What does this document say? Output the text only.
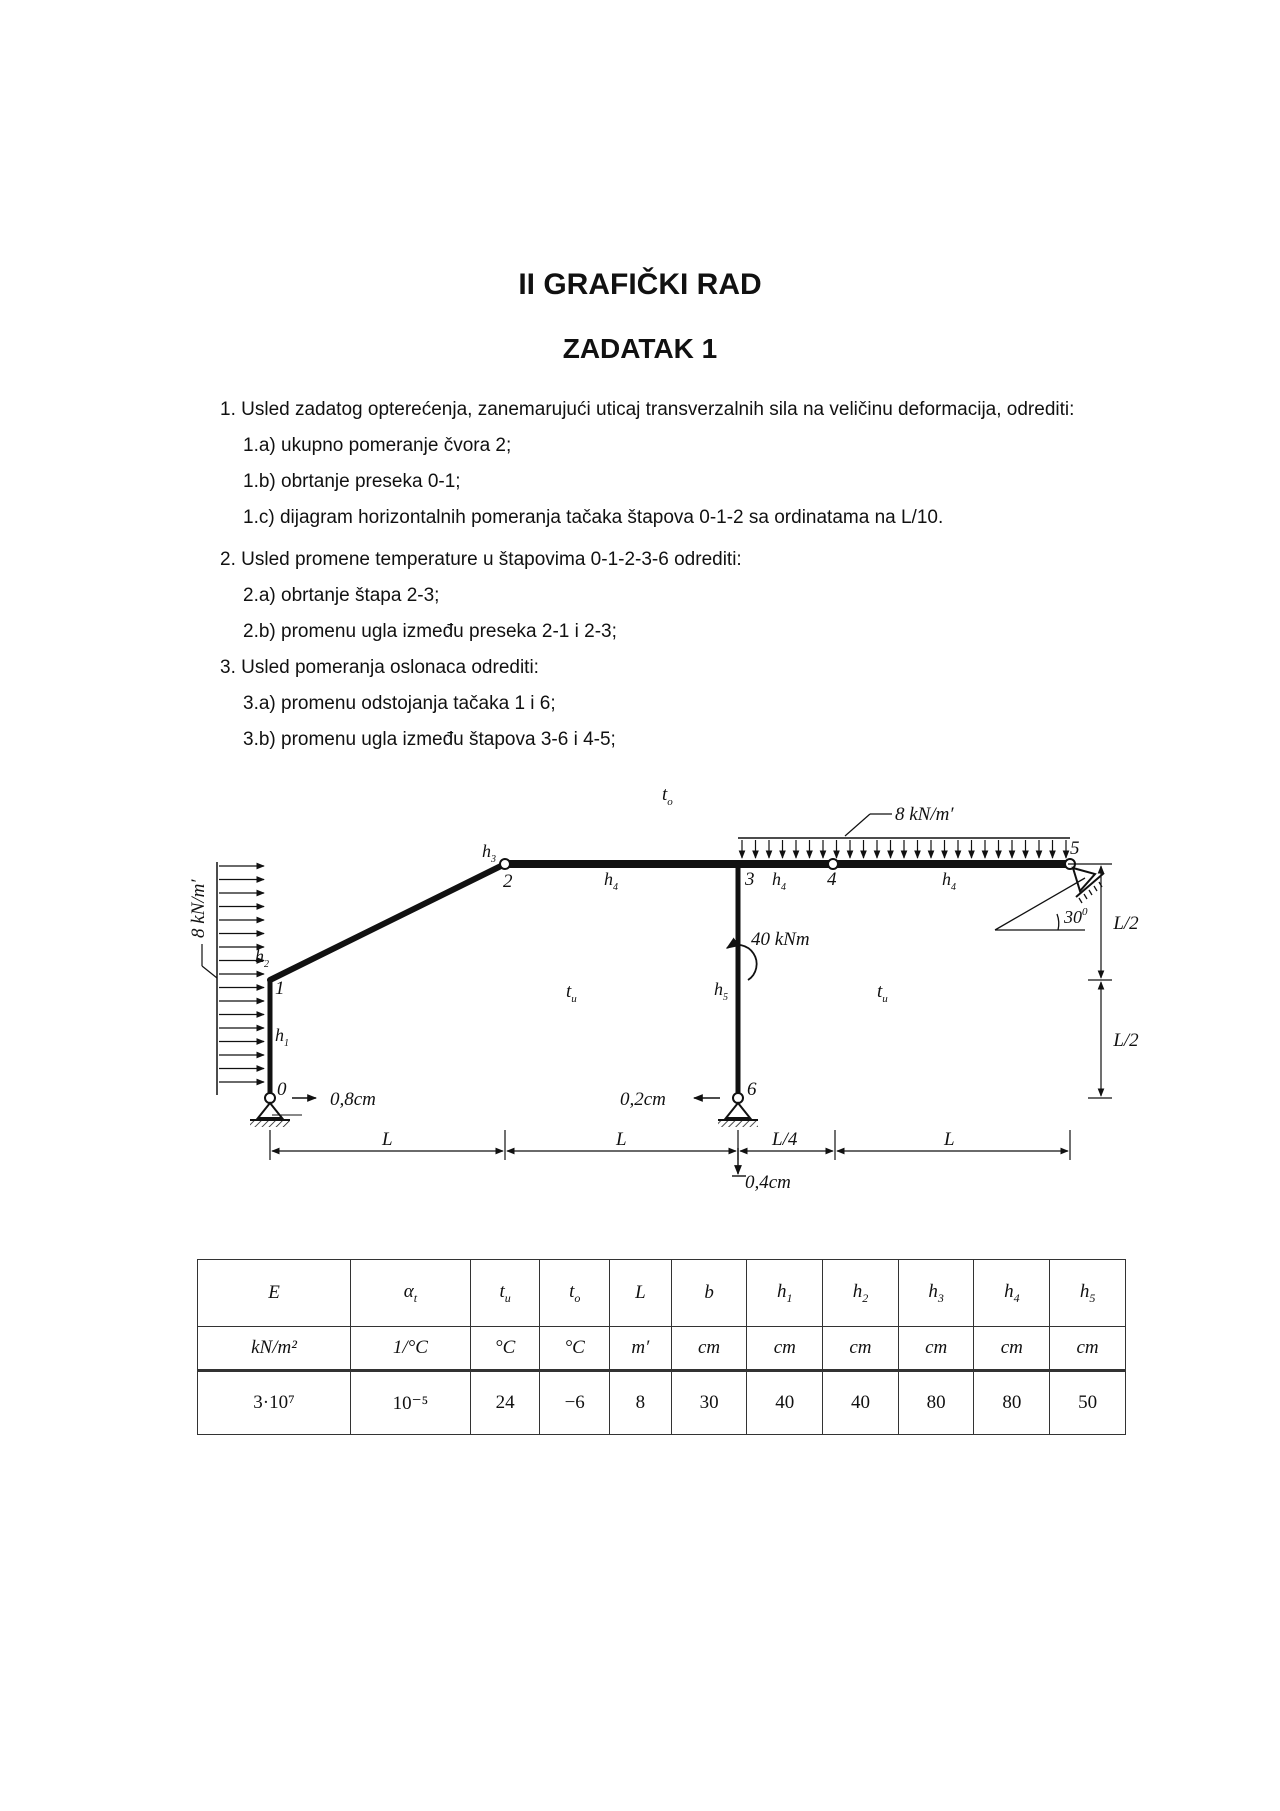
II GRAFIČKI RAD
ZADATAK 1
1. Usled zadatog opterećenja, zanemarujući uticaj transverzalnih sila na veličinu deformacija, odrediti:
1.a) ukupno pomeranje čvora 2;
1.b) obrtanje preseka 0-1;
1.c) dijagram horizontalnih pomeranja tačaka štapova 0-1-2 sa ordinatama na L/10.
2. Usled promene temperature u štapovima 0-1-2-3-6 odrediti:
2.a) obrtanje štapa 2-3;
2.b) promenu ugla između preseka 2-1 i 2-3;
3. Usled pomeranja oslonaca odrediti:
3.a) promenu odstojanja tačaka 1 i 6;
3.b) promenu ugla između štapova 3-6 i 4-5;
$30^0$
8 kN/m′
8 kN/m′
40 kNm
$t_o$
$t_u$	$t_u$
0
1
2	3	4
5
6
$h_1$
$h_2$
$h_3$
$h_4$	$h_4$	$h_4$
$h_5$
0,8cm	0,2cm
0,4cm
L	L	L/4	L
L/2
L/2
E	$\alpha_t$	$t_u$	$t_o$	L	b	$h_1$	$h_2$	$h_3$	$h_4$	$h_5$
kN/m²	1/°C	°C	°C	m′	cm	cm	cm	cm	cm	cm
3·10⁷	10⁻⁵	24	−6	8	30	40	40	80	80	50
